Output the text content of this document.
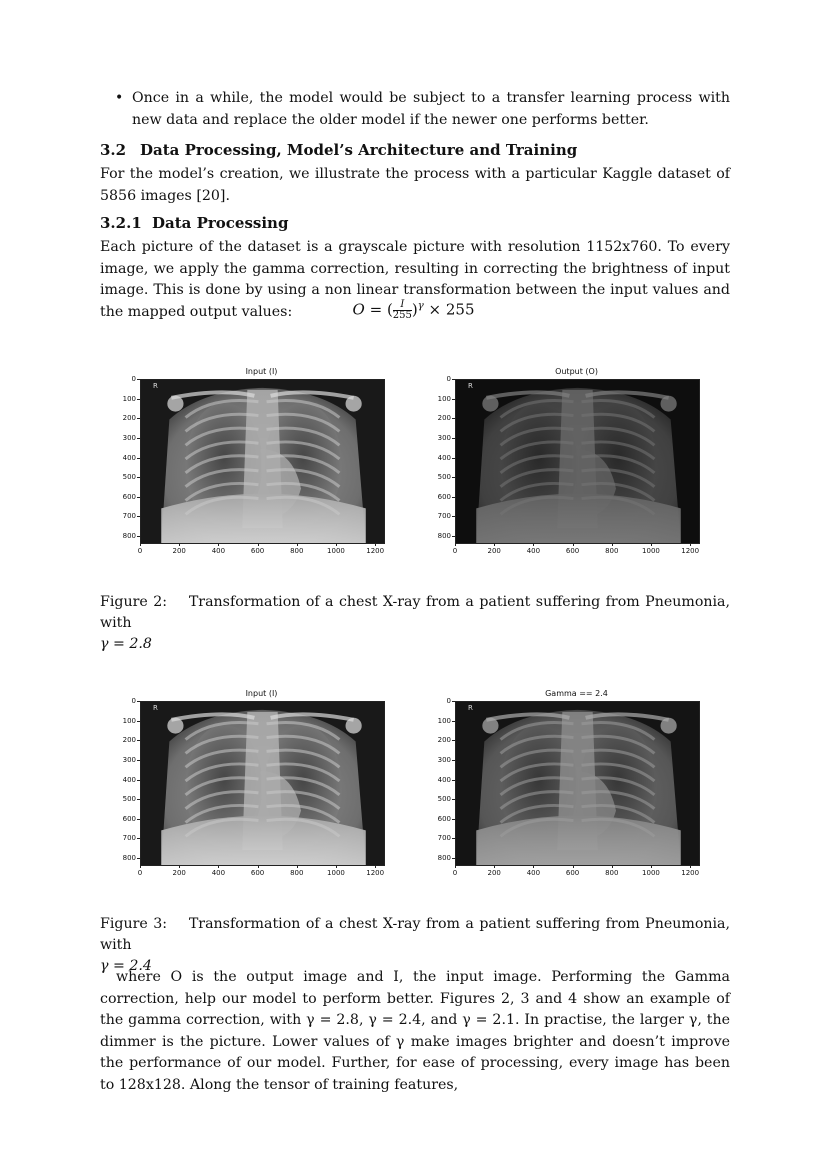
• Once in a while, the model would be subject to a transfer learning process with new data and replace the older model if the newer one performs better.

3.2 Data Processing, Model’s Architecture and Training

For the model’s creation, we illustrate the process with a particular Kaggle dataset of 5856 images [20].

3.2.1 Data Processing

Each picture of the dataset is a grayscale picture with resolution 1152x760. To every image, we apply the gamma correction, resulting in correcting the brightness of input image. This is done by using a non linear transformation between the input values and the mapped output values:	O = ( $\frac{I}{255} )^\gamma \times 255$
Input (I)
R
0
100
200
300
400
500
600
700
800
0	200	400	600	800	1000	1200
Output (O)
R
0
100
200
300
400
500
600
700
800
0	200	400	600	800	1000	1200

Figure 2: Transformation of a chest X-ray from a patient suffering from Pneumonia, with
γ = 2.8

Input (I)
R
0
100
200
300
400
500
600
700
800
0	200	400	600	800	1000	1200
Gamma == 2.4
R
0
100
200
300
400
500
600
700
800
0	200	400	600	800	1000	1200

Figure 3: Transformation of a chest X-ray from a patient suffering from Pneumonia, with
γ = 2.4

where O is the output image and I, the input image. Performing the Gamma correction, help our model to perform better. Figures 2, 3 and 4 show an example of the gamma correction, with γ = 2.8, γ = 2.4, and γ = 2.1. In practise, the larger γ, the dimmer is the picture. Lower values of γ make images brighter and doesn’t improve the performance of our model. Further, for ease of processing, every image has been to 128x128. Along the tensor of training features,
